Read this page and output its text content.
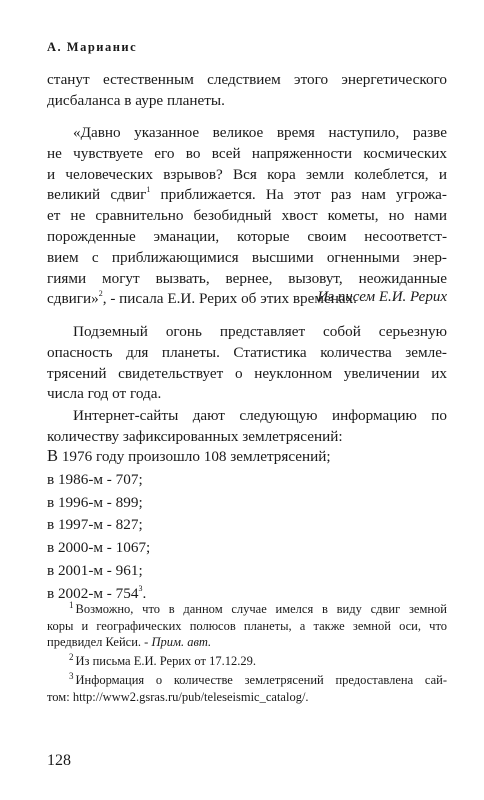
А. Марианис
станут естественным следствием этого энергетического
дисбаланса в ауре планеты.
«Давно указанное великое время наступило, разве
не чувствуете его во всей напряженности космических
и человеческих взрывов? Вся кора земли колеблется, и
великий сдвиг$^1$ приближается. На этот раз нам угрожа-
ет не сравнительно безобидный хвост кометы, но нами
порожденные эманации, которые своим несоответст-
вием с приближающимися высшими огненными энер-
гиями могут вызвать, вернее, вызовут, неожиданные
сдвиги»$^2$, - писала Е.И. Рерих об этих временах.
Из писем Е.И. Рерих
Подземный огонь представляет собой серьезную
опасность для планеты. Статистика количества земле-
трясений свидетельствует о неуклонном увеличении их
числа год от года.
Интернет-сайты дают следующую информацию по
количеству зафиксированных землетрясений:
В 1976 году произошло 108 землетрясений;
в 1986-м - 707;
в 1996-м - 899;
в 1997-м - 827;
в 2000-м - 1067;
в 2001-м - 961;
в $2002-м - 754^3$.
$^1$ Возможно, что в данном случае имелся в виду сдвиг земной
коры и географических полюсов планеты, а также земной оси, что
предвидел Кейси. - Прим. авт.
$^2$ Из письма Е.И. Рерих от 17.12.29.
$^3$ Информация о количестве землетрясений предоставлена сай-
том: http://www2.gsras.ru/pub/teleseismic_catalog/.
128
